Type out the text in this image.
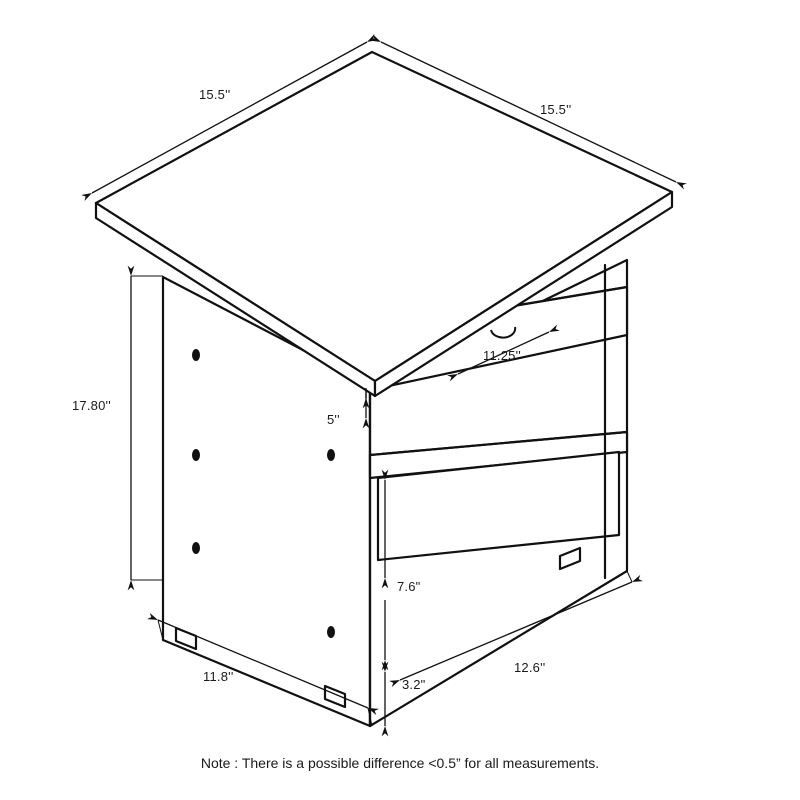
15.5''
15.5''
17.80''
11.25''
5''
7.6"
3.2"
11.8''
12.6''
Note : There is a possible difference <0.5” for all measurements.
